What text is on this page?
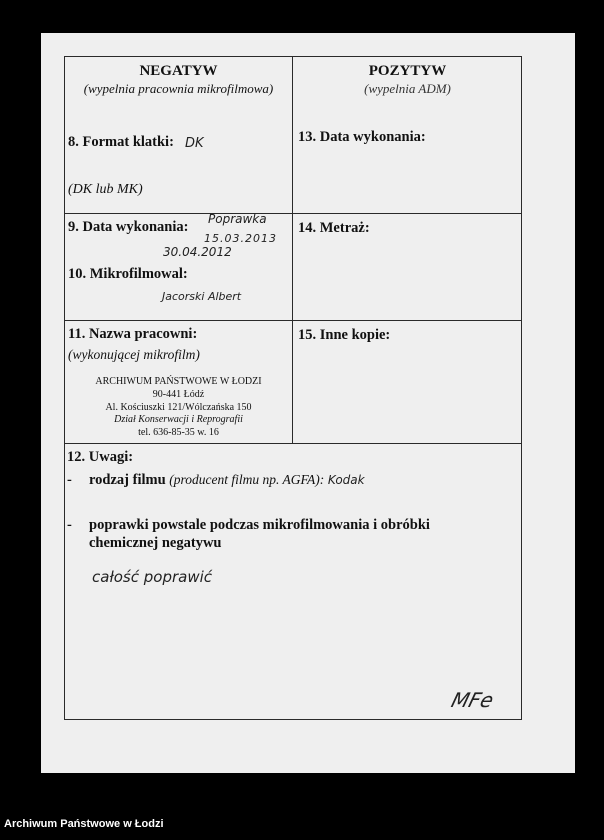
NEGATYW
(wypelnia pracownia mikrofilmowa)
POZYTYW
(wypelnia ADM)
8. Format klatki: DK
(DK lub MK)
13. Data wykonania:
9. Data wykonania: Poprawka
15.03.2013
30.04.2012
10. Mikrofilmowal:
Jacorski Albert
14. Metraż:
11. Nazwa pracowni:
(wykonującej mikrofilm)
ARCHIWUM PAŃSTWOWE W ŁODZI
90-441 Łódź
Al. Kościuszki 121/Wólczańska 150
Dział Konserwacji i Reprografii
tel. 636-85-35 w. 16
15. Inne kopie:
12. Uwagi:
- rodzaj filmu (producent filmu np. AGFA): Kodak
- poprawki powstale podczas mikrofilmowania i obróbki
chemicznej negatywu
całość poprawić
MFe
Archiwum Państwowe w Łodzi
